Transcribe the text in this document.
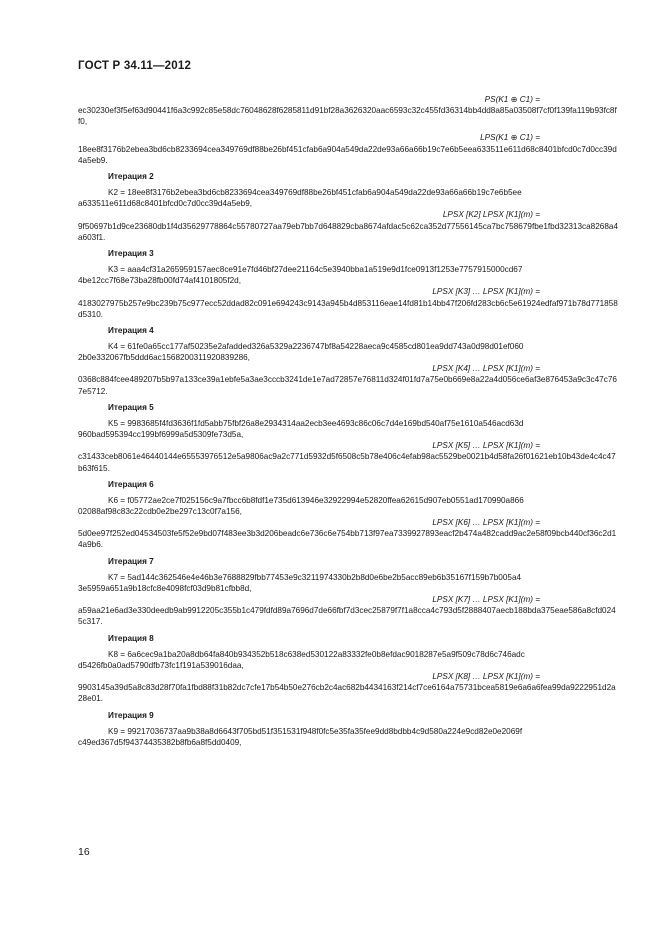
ГОСТ Р 34.11—2012
PS(K1 ⊕ C1) =
ec30230ef3f5ef63d90441f6a3c992c85e58dc76048628f6285811d91bf28a3626320aac6593c32c455fd36314bb4dd8a85a03508f7cf0f139fa119b93fc8ff0,
LPS(K1 ⊕ C1) =
18ee8f3176b2ebea3bd6cb8233694cea349769df88be26bf451cfab6a904a549da22de93a66a66b19c7e6b5eea633511e611d68c8401bfcd0c7d0cc39d4a5eb9.
Итерация 2
K2 = 18ee8f3176b2ebea3bd6cb8233694cea349769df88be26bf451cfab6a904a549da22de93a66a66b19c7e6b5ee
a633511e611d68c8401bfcd0c7d0cc39d4a5eb9,
LPSX [K2] LPSX [K1](m) =
9f50697b1d9ce23680db1f4d35629778864c55780727aa79eb7bb7d648829cba8674afdac5c62ca352d77556145ca7bc758679fbe1fbd32313ca8268a4a603f1.
Итерация 3
K3 = aaa4cf31a265959157aec8ce91e7fd46bf27dee21164c5e3940bba1a519e9d1fce0913f1253e7757915000cd67
4be12cc7f68e73ba28fb00fd74af4101805f2d,
LPSX [K3] … LPSX [K1](m) =
4183027975b257e9bc239b75c977ecc52ddad82c091e694243c9143a945b4d853116eae14fd81b14bb47f206fd283cb6c5e61924edfaf971b78d771858d5310.
Итерация 4
K4 = 61fe0a65cc177af50235e2afadded326a5329a2236747bf8a54228aeca9c4585cd801ea9dd743a0d98d01ef060
2b0e332067fb5ddd6ac1568200311920839286,
LPSX [K4] … LPSX [K1](m) =
0368c884fcee489207b5b97a133ce39a1ebfe5a3ae3cccb3241de1e7ad72857e76811d324f01fd7a75e0b669e8a22a4d056ce6af3e876453a9c3c47c767e5712.
Итерация 5
K5 = 9983685f4fd3636f1fd5abb75fbf26a8e2934314aa2ecb3ee4693c86c06c7d4e169bd540af75e1610a546acd63d
960bad595394cc199bf6999a5d5309fe73d5a,
LPSX [K5] … LPSX [K1](m) =
c31433ceb8061e46440144e65553976512e5a9806ac9a2c771d5932d5f6508c5b78e406c4efab98ac5529be0021b4d58fa26f01621eb10b43de4c4c47b63f615.
Итерация 6
K6 = f05772ae2ce7f025156c9a7fbcc6b8fdf1e735d613946e32922994e52820ffea62615d907eb0551ad170990a866
02088af98c83c22cdb0e2be297c13c0f7a156,
LPSX [K6] … LPSX [K1](m) =
5d0ee97f252ed04534503fe5f52e9bd07f483ee3b3d206beadc6e736c6e754bb713f97ea7339927893eacf2b474a482cadd9ac2e58f09bcb440cf36c2d14a9b6.
Итерация 7
K7 = 5ad144c362546e4e46b3e7688829fbb77453e9c3211974330b2b8d0e6be2b5acc89eb6b35167f159b7b005a4
3e5959a651a9b18cfc8e4098fcf03d9b81cfbb8d,
LPSX [K7] … LPSX [K1](m) =
a59aa21e6ad3e330deedb9ab9912205c355b1c479fdfd89a7696d7de66fbf7d3cec25879f7f1a8cca4c793d5f2888407aecb188bda375eae586a8cfd0245c317.
Итерация 8
K8 = 6a6cec9a1ba20a8db64fa840b934352b518c638ed530122a83332fe0b8efdac9018287e5a9f509c78d6c746adc
d5426fb0a0ad5790dfb73fc1f191a539016daa,
LPSX [K8] … LPSX [K1](m) =
9903145a39d5a8c83d28f70fa1fbd88f31b82dc7cfe17b54b50e276cb2c4ac682b4434163f214cf7ce6164a75731bcea5819e6a6a6fea99da9222951d2a28e01.
Итерация 9
K9 = 99217036737aa9b38a8d6643f705bd51f351531f948f0fc5e35fa35fee9dd8bdbb4c9d580a224e9cd82e0e2069f
c49ed367d5f94374435382b8fb6a8f5dd0409,
16
